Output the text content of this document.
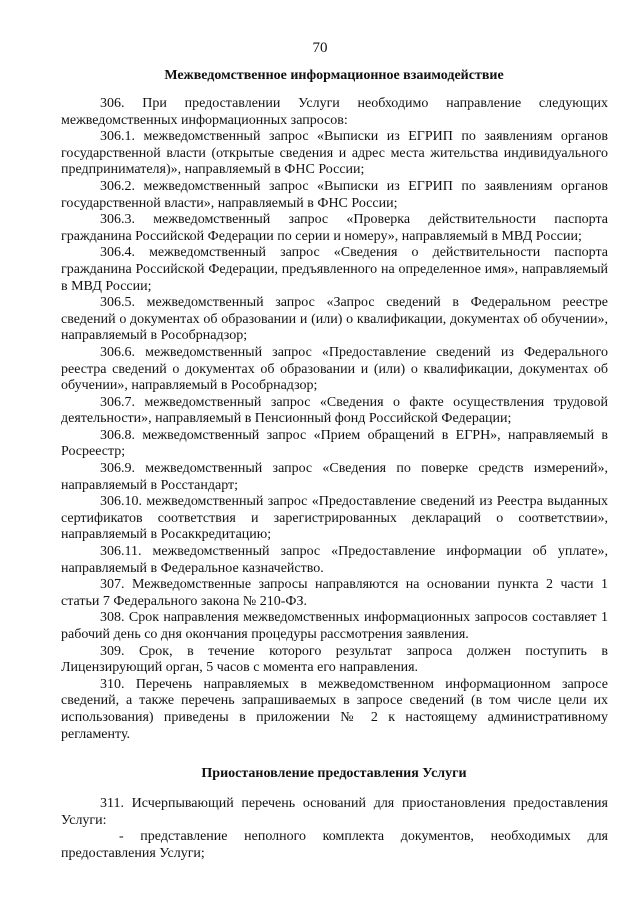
70
Межведомственное информационное взаимодействие

306. При предоставлении Услуги необходимо направление следующих межведомственных информационных запросов:

306.1. межведомственный запрос «Выписки из ЕГРИП по заявлениям органов государственной власти (открытые сведения и адрес места жительства индивидуального предпринимателя)», направляемый в ФНС России;

306.2. межведомственный запрос «Выписки из ЕГРИП по заявлениям органов государственной власти», направляемый в ФНС России;

306.3. межведомственный запрос «Проверка действительности паспорта гражданина Российской Федерации по серии и номеру», направляемый в МВД России;

306.4. межведомственный запрос «Сведения о действительности паспорта гражданина Российской Федерации, предъявленного на определенное имя», направляемый в МВД России;

306.5. межведомственный запрос «Запрос сведений в Федеральном реестре сведений о документах об образовании и (или) о квалификации, документах об обучении», направляемый в Рособрнадзор;

306.6. межведомственный запрос «Предоставление сведений из Федерального реестра сведений о документах об образовании и (или) о квалификации, документах об обучении», направляемый в Рособрнадзор;

306.7. межведомственный запрос «Сведения о факте осуществления трудовой деятельности», направляемый в Пенсионный фонд Российской Федерации;

306.8. межведомственный запрос «Прием обращений в ЕГРН», направляемый в Росреестр;

306.9. межведомственный запрос «Сведения по поверке средств измерений», направляемый в Росстандарт;

306.10. межведомственный запрос «Предоставление сведений из Реестра выданных сертификатов соответствия и зарегистрированных деклараций о соответствии», направляемый в Росаккредитацию;

306.11. межведомственный запрос «Предоставление информации об уплате», направляемый в Федеральное казначейство.

307. Межведомственные запросы направляются на основании пункта 2 части 1 статьи 7 Федерального закона № 210-ФЗ.

308. Срок направления межведомственных информационных запросов составляет 1 рабочий день со дня окончания процедуры рассмотрения заявления.

309. Срок, в течение которого результат запроса должен поступить в Лицензирующий орган, 5 часов с момента его направления.

310. Перечень направляемых в межведомственном информационном запросе сведений, а также перечень запрашиваемых в запросе сведений (в том числе цели их использования) приведены в приложении № 2 к настоящему административному регламенту.

Приостановление предоставления Услуги

311. Исчерпывающий перечень оснований для приостановления предоставления Услуги:

- представление неполного комплекта документов, необходимых для предоставления Услуги;
